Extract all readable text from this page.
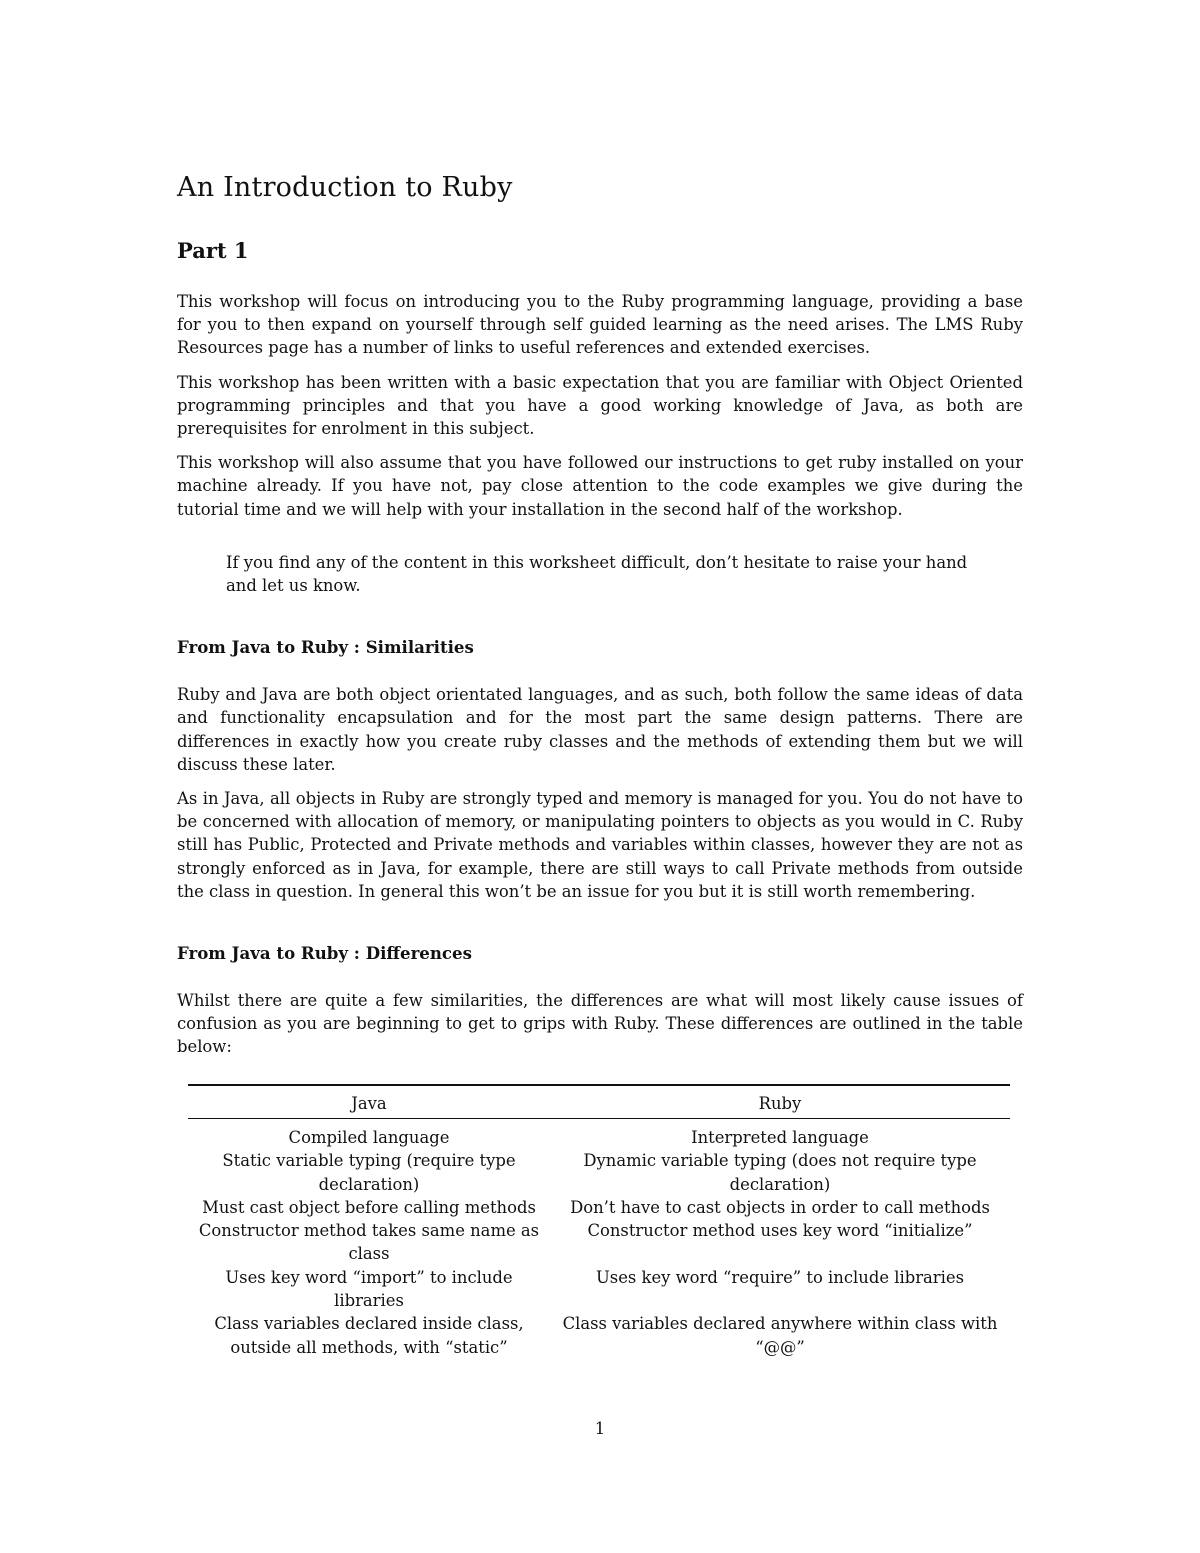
An Introduction to Ruby
Part 1

This workshop will focus on introducing you to the Ruby programming language, providing a base for you to then expand on yourself through self guided learning as the need arises. The LMS Ruby Resources page has a number of links to useful references and extended exercises.

This workshop has been written with a basic expectation that you are familiar with Object Oriented programming principles and that you have a good working knowledge of Java, as both are prerequisites for enrolment in this subject.

This workshop will also assume that you have followed our instructions to get ruby installed on your machine already. If you have not, pay close attention to the code examples we give during the tutorial time and we will help with your installation in the second half of the workshop.

If you find any of the content in this worksheet difficult, don’t hesitate to raise your hand
and let us know.
From Java to Ruby : Similarities

Ruby and Java are both object orientated languages, and as such, both follow the same ideas of data and functionality encapsulation and for the most part the same design patterns. There are differences in exactly how you create ruby classes and the methods of extending them but we will discuss these later.

As in Java, all objects in Ruby are strongly typed and memory is managed for you. You do not have to be concerned with allocation of memory, or manipulating pointers to objects as you would in C. Ruby still has Public, Protected and Private methods and variables within classes, however they are not as strongly enforced as in Java, for example, there are still ways to call Private methods from outside the class in question. In general this won’t be an issue for you but it is still worth remembering.

From Java to Ruby : Differences

Whilst there are quite a few similarities, the differences are what will most likely cause issues of confusion as you are beginning to get to grips with Ruby. These differences are outlined in the table below:

Java	Ruby
Compiled language	Interpreted language
Static variable typing (require type declaration)	Dynamic variable typing (does not require type declaration)
Must cast object before calling methods	Don’t have to cast objects in order to call methods
Constructor method takes same name as class	Constructor method uses key word “initialize”
Uses key word “import” to include libraries	Uses key word “require” to include libraries
Class variables declared inside class, outside all methods, with “static”	Class variables declared anywhere within class with “@@”
1
